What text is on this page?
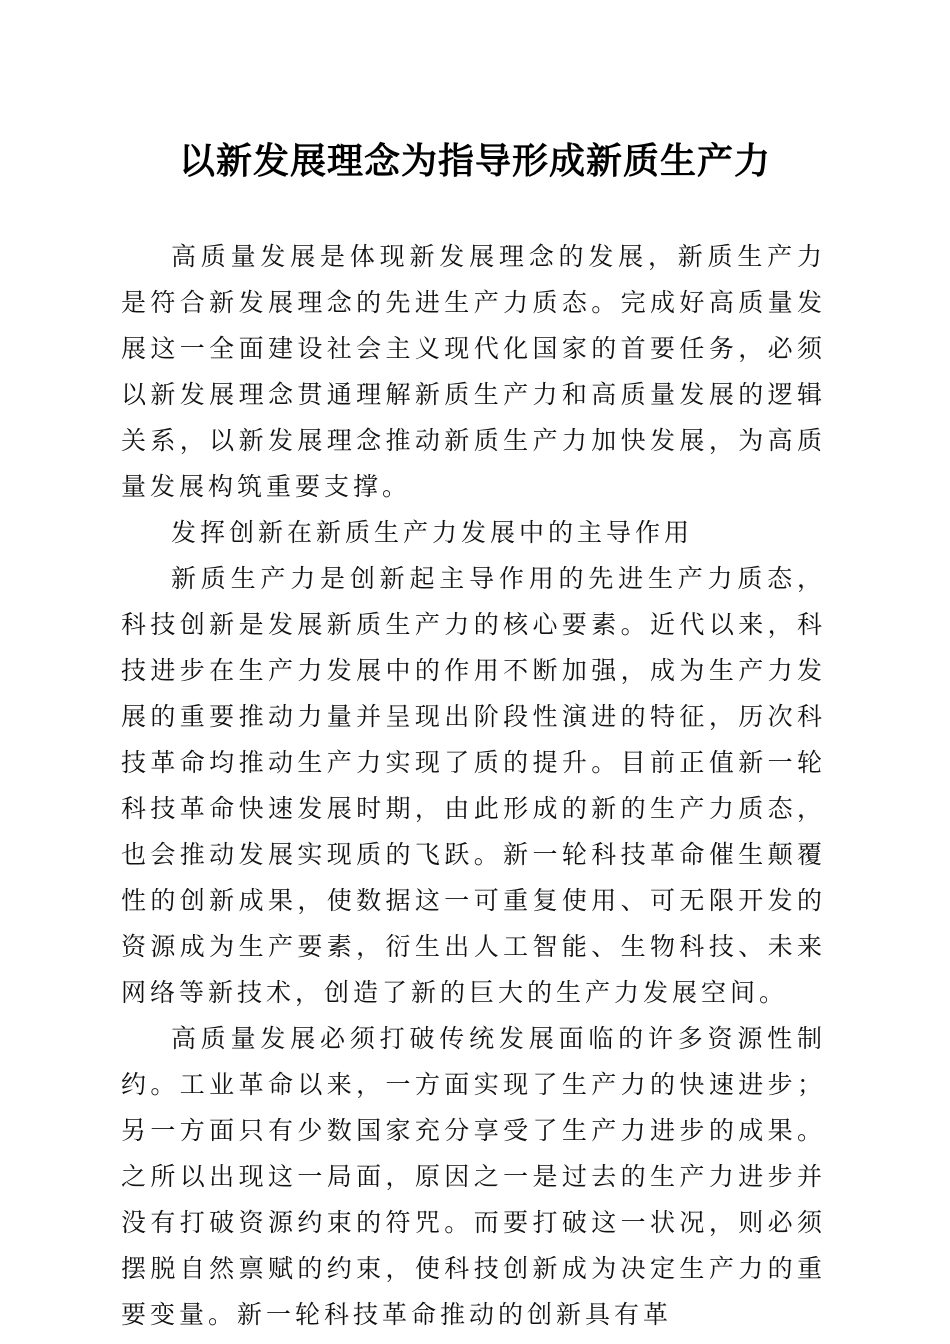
以新发展理念为指导形成新质生产力

高质量发展是体现新发展理念的发展，新质生产力是符合新发展理念的先进生产力质态。完成好高质量发展这一全面建设社会主义现代化国家的首要任务，必须以新发展理念贯通理解新质生产力和高质量发展的逻辑关系，以新发展理念推动新质生产力加快发展，为高质量发展构筑重要支撑。

发挥创新在新质生产力发展中的主导作用

新质生产力是创新起主导作用的先进生产力质态，科技创新是发展新质生产力的核心要素。近代以来，科技进步在生产力发展中的作用不断加强，成为生产力发展的重要推动力量并呈现出阶段性演进的特征，历次科技革命均推动生产力实现了质的提升。目前正值新一轮科技革命快速发展时期，由此形成的新的生产力质态，也会推动发展实现质的飞跃。新一轮科技革命催生颠覆性的创新成果，使数据这一可重复使用、可无限开发的资源成为生产要素，衍生出人工智能、生物科技、未来网络等新技术，创造了新的巨大的生产力发展空间。

高质量发展必须打破传统发展面临的许多资源性制约。工业革命以来，一方面实现了生产力的快速进步；另一方面只有少数国家充分享受了生产力进步的成果。之所以出现这一局面，原因之一是过去的生产力进步并没有打破资源约束的符咒。而要打破这一状况，则必须摆脱自然禀赋的约束，使科技创新成为决定生产力的重要变量。新一轮科技革命推动的创新具有革
